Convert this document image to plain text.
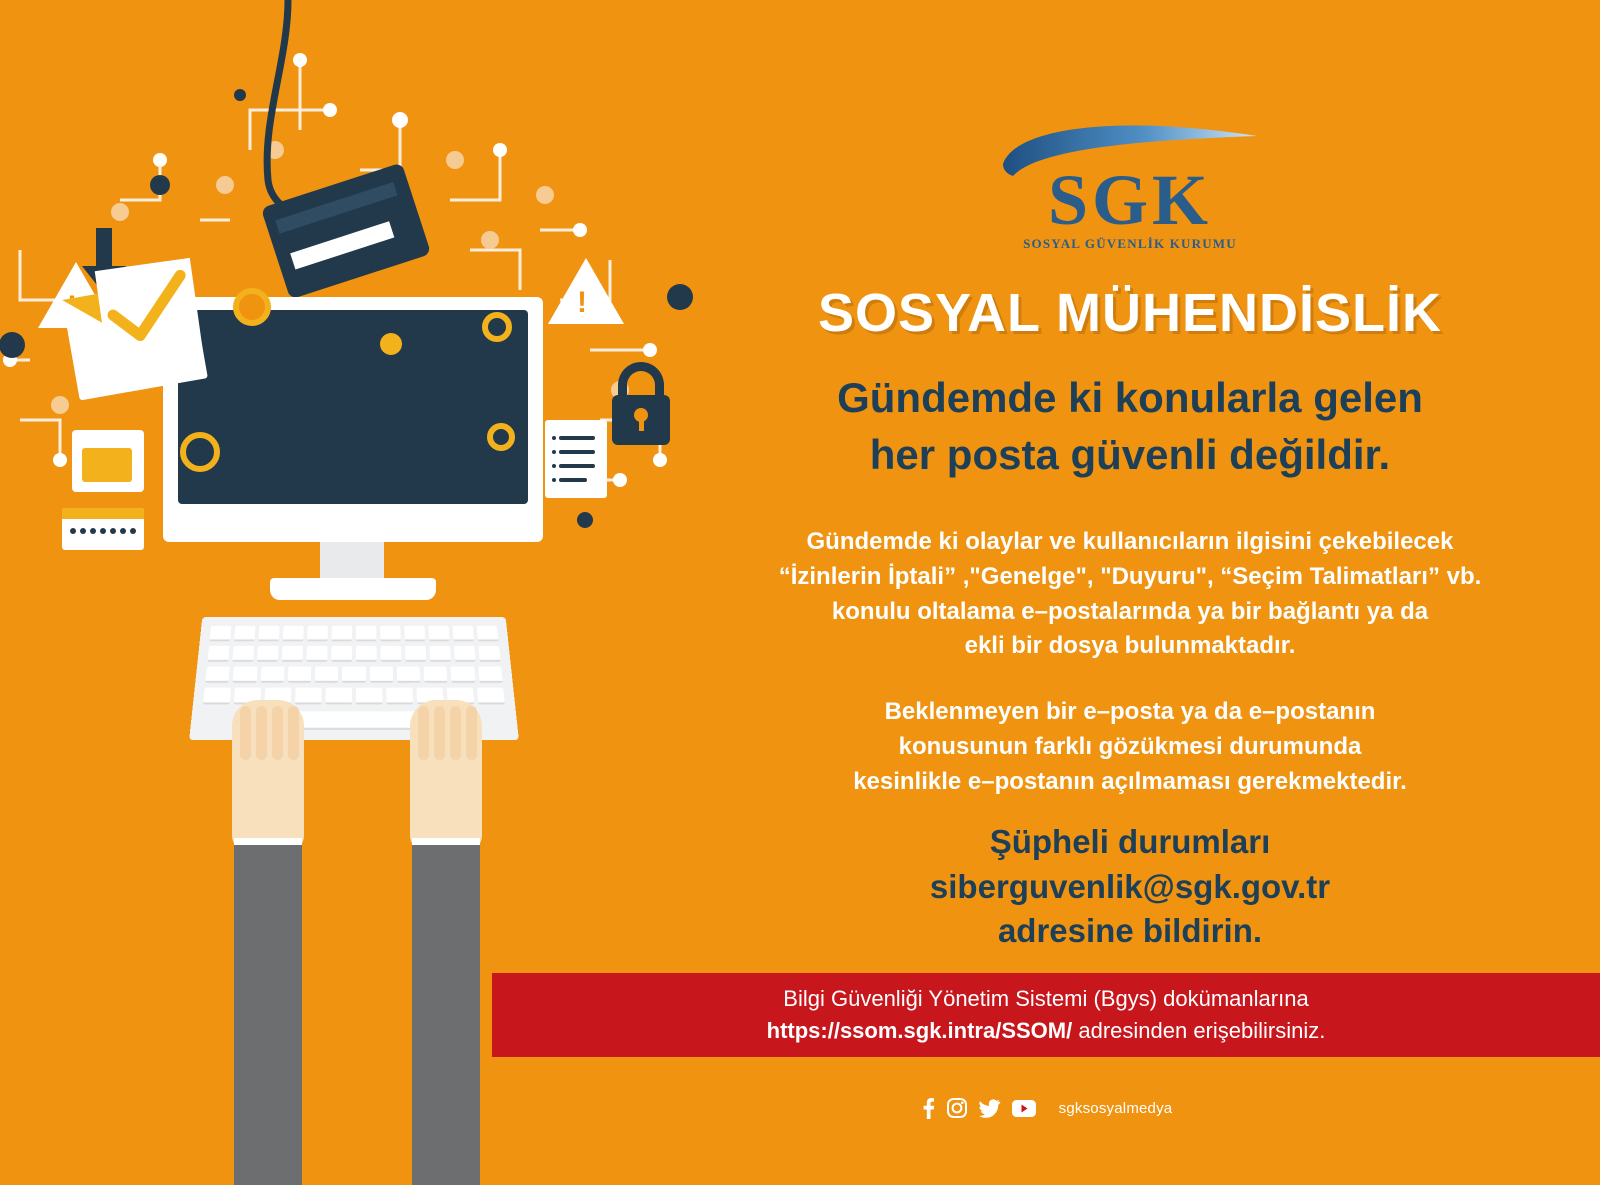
!
SGK
SOSYAL GÜVENLİK KURUMU
SOSYAL MÜHENDİSLİK
Gündemde ki konularla gelen
her posta güvenli değildir.
Gündemde ki olaylar ve kullanıcıların ilgisini çekebilecek
“İzinlerin İptali” ,"Genelge", "Duyuru", “Seçim Talimatları” vb.
konulu oltalama e–postalarında ya bir bağlantı ya da
ekli bir dosya bulunmaktadır.
Beklenmeyen bir e–posta ya da e–postanın
konusunun farklı gözükmesi durumunda
kesinlikle e–postanın açılmaması gerekmektedir.
Şüpheli durumları
siberguvenlik@sgk.gov.tr
adresine bildirin.
Bilgi Güvenliği Yönetim Sistemi (Bgys) dokümanlarına
https://ssom.sgk.intra/SSOM/ adresinden erişebilirsiniz.
sgksosyalmedya
